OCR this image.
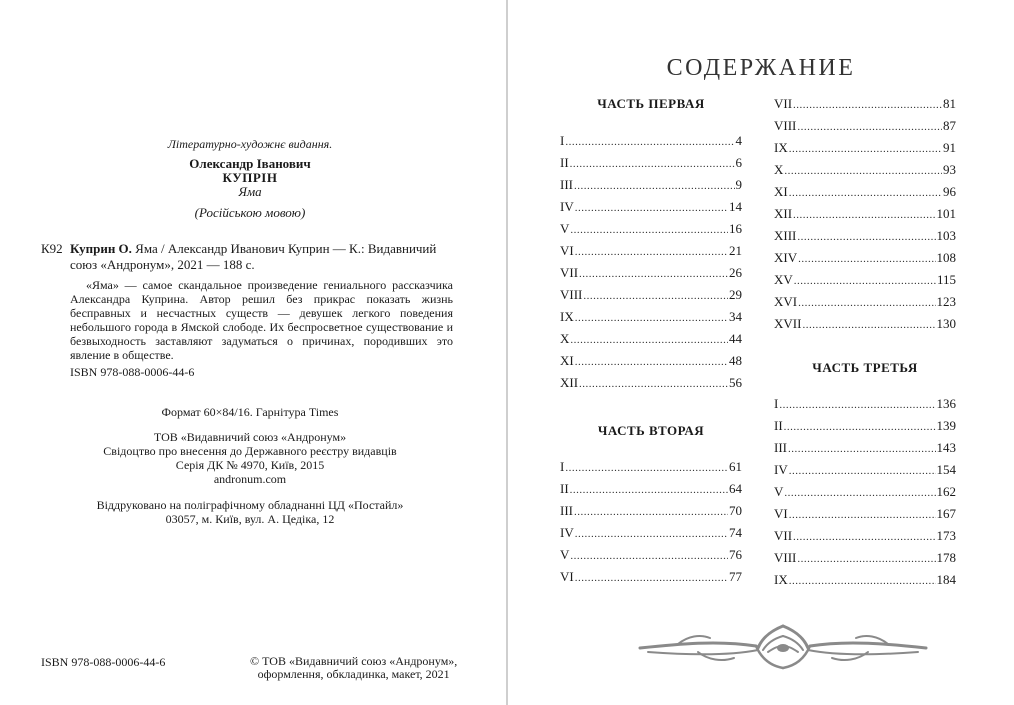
Літературно-художнє видання.
Олександр Іванович
КУПРІН
Яма
(Російською мовою)
К92 Куприн О. Яма / Александр Иванович Куприн — К.: Видавничий союз «Андронум», 2021 — 188 с.
«Яма» — самое скандальное произведение гениального рассказчика Александра Куприна. Автор решил без прикрас показать жизнь бесправных и несчастных существ — девушек легкого поведения небольшого города в Ямской слободе. Их беспросветное существование и безвыходность заставляют задуматься о причинах, породивших это явление в обществе.
ISBN 978-088-0006-44-6
Формат 60×84/16. Гарнітура Times
ТОВ «Видавничий союз «Андронум»
Свідоцтво про внесення до Державного реєстру видавців
Серія ДК № 4970, Київ, 2015
andronum.com
Віддруковано на поліграфічному обладнанні ЦД «Постайл»
03057, м. Київ, вул. А. Цедіка, 12
ISBN 978-088-0006-44-6	© ТОВ «Видавничий союз «Андронум»,
оформлення, обкладинка, макет, 2021
СОДЕРЖАНИЕ
ЧАСТЬ ПЕРВАЯ
I .....	4
II .....	6
III .....	9
IV .....	14
V .....	16
VI .....	21
VII .....	26
VIII .....	29
IX .....	34
X .....	44
XI .....	48
XII .....	56
ЧАСТЬ ВТОРАЯ
I .....	61
II .....	64
III .....	70
IV .....	74
V .....	76
VI .....	77
VII .....	81
VIII .....	87
IX .....	91
X .....	93
XI .....	96
XII .....	101
XIII .....	103
XIV .....	108
XV .....	115
XVI .....	123
XVII .....	130
ЧАСТЬ ТРЕТЬЯ
I .....	136
II .....	139
III .....	143
IV .....	154
V .....	162
VI .....	167
VII .....	173
VIII .....	178
IX .....	184
